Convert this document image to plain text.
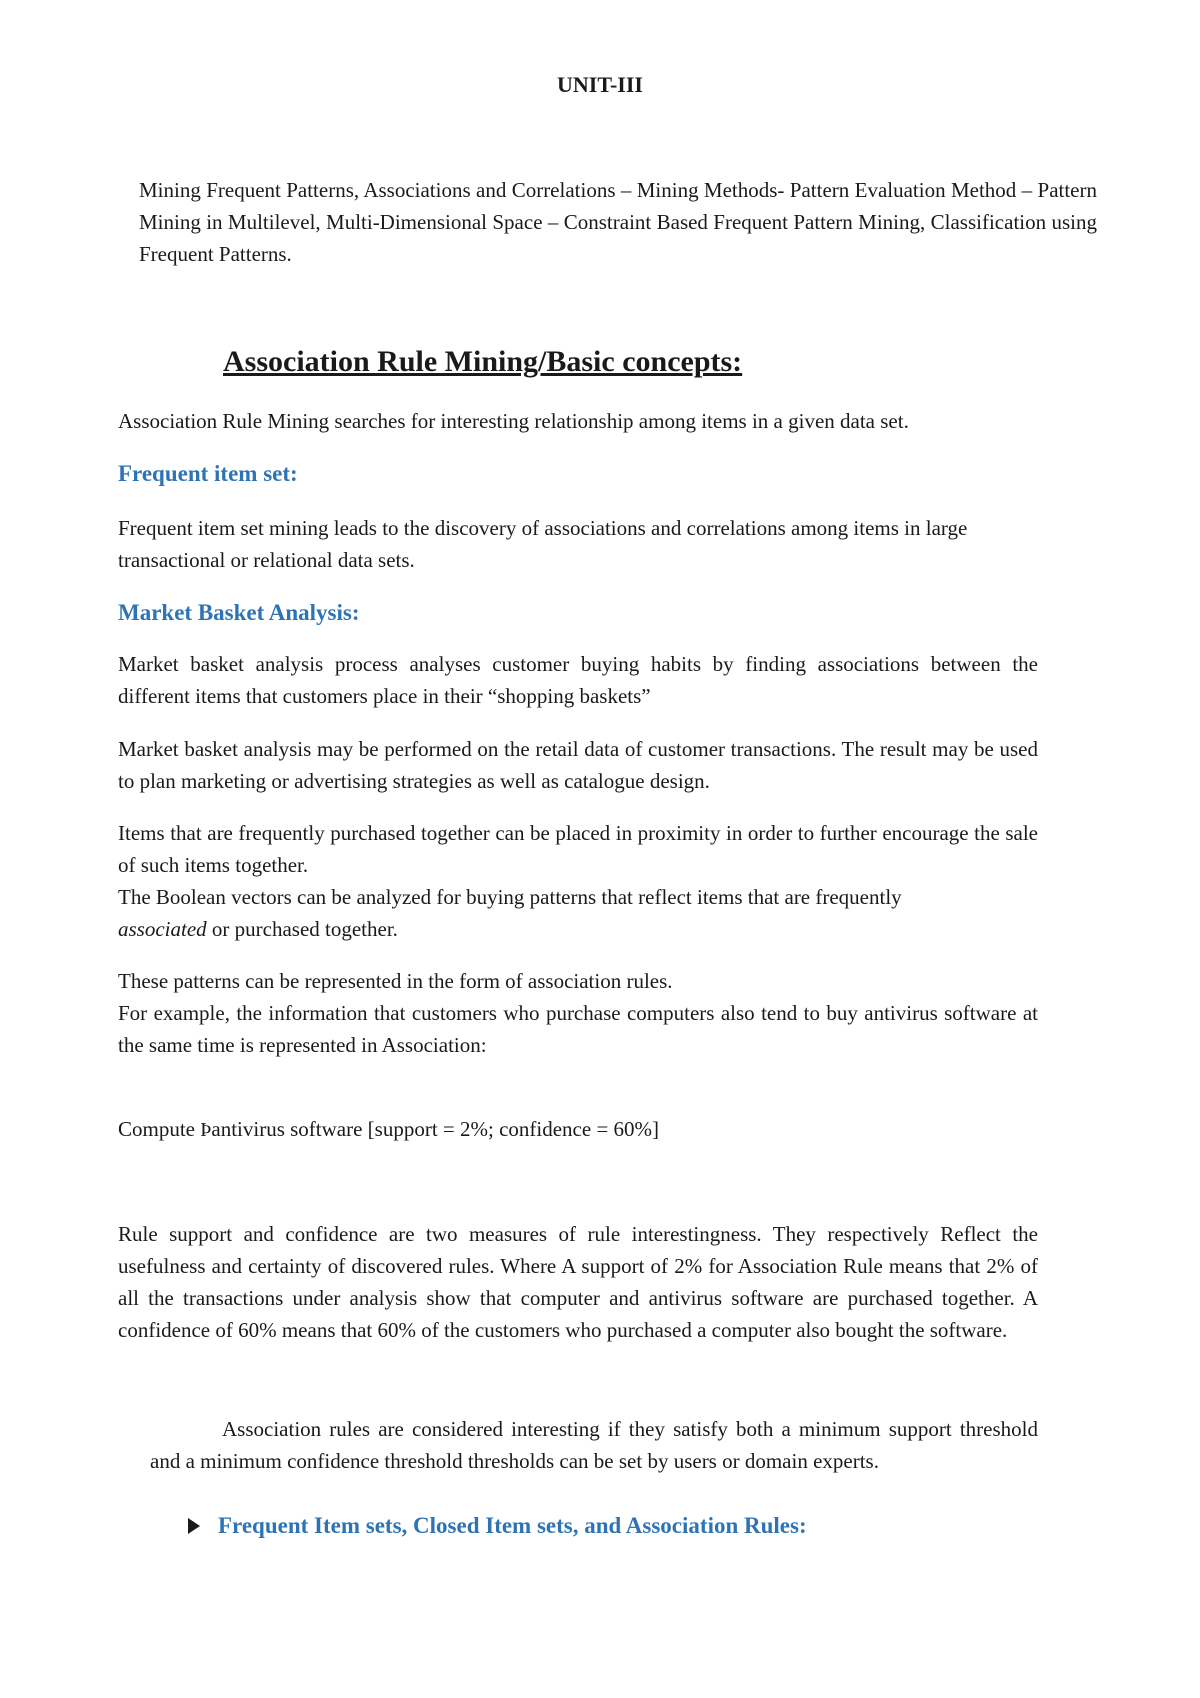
UNIT-III

Mining Frequent Patterns, Associations and Correlations – Mining Methods- Pattern Evaluation Method – Pattern Mining in Multilevel, Multi-Dimensional Space – Constraint Based Frequent Pattern Mining, Classification using Frequent Patterns.

Association Rule Mining/Basic concepts:

Association Rule Mining searches for interesting relationship among items in a given data set.

Frequent item set:

Frequent item set mining leads to the discovery of associations and correlations among items in large transactional or relational data sets.

Market Basket Analysis:

Market basket analysis process analyses customer buying habits by finding associations between the different items that customers place in their “shopping baskets”

Market basket analysis may be performed on the retail data of customer transactions. The result may be used to plan marketing or advertising strategies as well as catalogue design.

Items that are frequently purchased together can be placed in proximity in order to further encourage the sale of such items together.

The Boolean vectors can be analyzed for buying patterns that reflect items that are frequently
associated or purchased together.

These patterns can be represented in the form of association rules.

For example, the information that customers who purchase computers also tend to buy antivirus software at the same time is represented in Association:

Compute Þantivirus software [support = 2%; confidence = 60%]

Rule support and confidence are two measures of rule interestingness. They respectively Reflect the usefulness and certainty of discovered rules. Where A support of 2% for Association Rule means that 2% of all the transactions under analysis show that computer and antivirus software are purchased together. A confidence of 60% means that 60% of the customers who purchased a computer also bought the software.

Association rules are considered interesting if they satisfy both a minimum support threshold and a minimum confidence threshold thresholds can be set by users or domain experts.

Frequent Item sets, Closed Item sets, and Association Rules:
